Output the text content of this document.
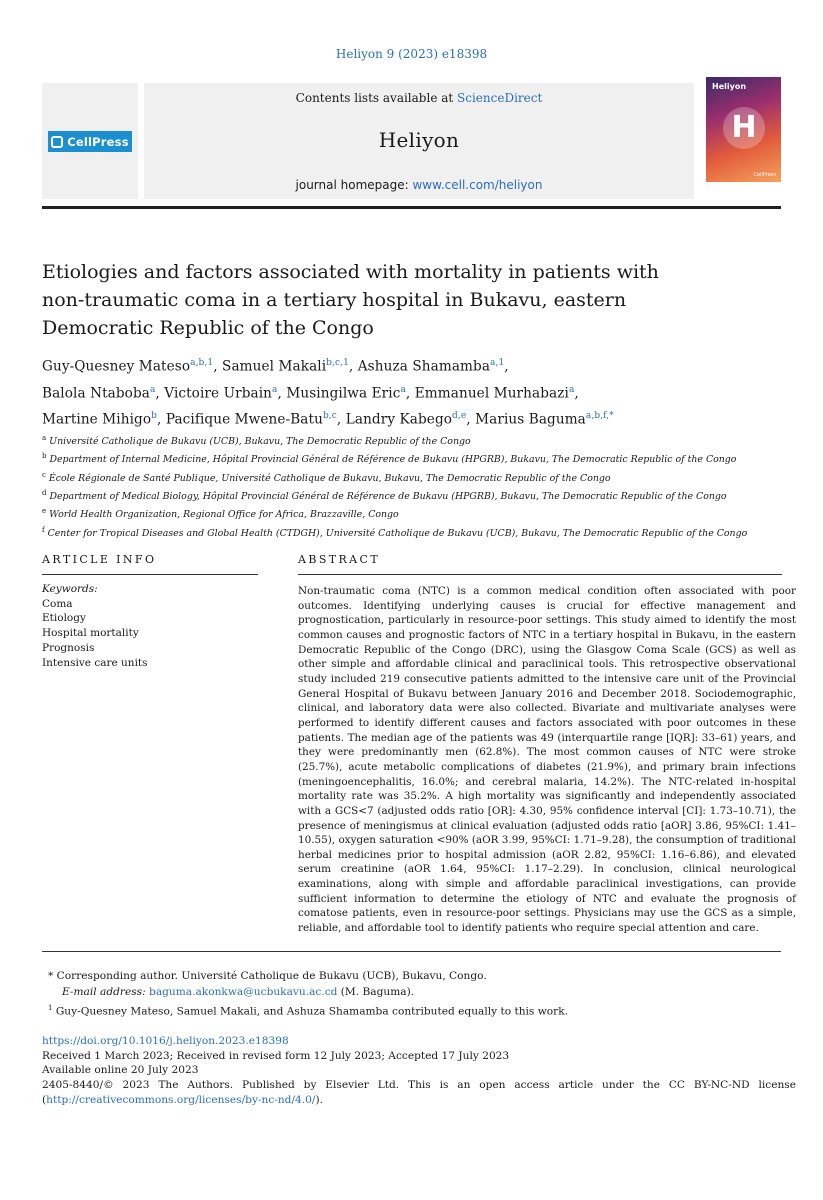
Heliyon 9 (2023) e18398
CellPress
Contents lists available at ScienceDirect
Heliyon
journal homepage: www.cell.com/heliyon
Heliyon
H
CellPress
Etiologies and factors associated with mortality in patients with
non-traumatic coma in a tertiary hospital in Bukavu, eastern
Democratic Republic of the Congo
Guy-Quesney Mateso$^{a,b,1}$, Samuel Makali$^{b,c,1}$, Ashuza Shamamba$^{a,1}$,
Balola Ntaboba$^a$, Victoire Urbain$^a$, Musingilwa Eric$^a$, Emmanuel Murhabazi$^a$,
Martine Mihigo$^b$, Pacifique Mwene-Batu$^{b,c}$, Landry Kabego$^{d,e}$, Marius Baguma$^{a,b,f,*}$
$^a$ Université Catholique de Bukavu (UCB), Bukavu, The Democratic Republic of the Congo
$^b$ Department of Internal Medicine, Hôpital Provincial Général de Référence de Bukavu (HPGRB), Bukavu, The Democratic Republic of the Congo
$^c$ École Régionale de Santé Publique, Université Catholique de Bukavu, Bukavu, The Democratic Republic of the Congo
$^d$ Department of Medical Biology, Hôpital Provincial Général de Référence de Bukavu (HPGRB), Bukavu, The Democratic Republic of the Congo
$^e$ World Health Organization, Regional Office for Africa, Brazzaville, Congo
$^f$ Center for Tropical Diseases and Global Health (CTDGH), Université Catholique de Bukavu (UCB), Bukavu, The Democratic Republic of the Congo
ARTICLE INFO	ABSTRACT
Keywords:
Coma
Etiology
Hospital mortality
Prognosis
Intensive care units
Non-traumatic coma (NTC) is a common medical condition often associated with poor outcomes. Identifying underlying causes is crucial for effective management and prognostication, particularly in resource-poor settings. This study aimed to identify the most common causes and prognostic factors of NTC in a tertiary hospital in Bukavu, in the eastern Democratic Republic of the Congo (DRC), using the Glasgow Coma Scale (GCS) as well as other simple and affordable clinical and paraclinical tools. This retrospective observational study included 219 consecutive patients admitted to the intensive care unit of the Provincial General Hospital of Bukavu between January 2016 and December 2018. Sociodemographic, clinical, and laboratory data were also collected. Bivariate and multivariate analyses were performed to identify different causes and factors associated with poor outcomes in these patients. The median age of the patients was 49 (interquartile range [IQR]: 33–61) years, and they were predominantly men (62.8%). The most common causes of NTC were stroke (25.7%), acute metabolic complications of diabetes (21.9%), and primary brain infections (meningoencephalitis, 16.0%; and cerebral malaria, 14.2%). The NTC-related in-hospital mortality rate was 35.2%. A high mortality was significantly and independently associated with a GCS<7 (adjusted odds ratio [OR]: 4.30, 95% confidence interval [CI]: 1.73–10.71), the presence of meningismus at clinical evaluation (adjusted odds ratio [aOR] 3.86, 95%CI: 1.41–10.55), oxygen saturation <90% (aOR 3.99, 95%CI: 1.71–9.28), the consumption of traditional herbal medicines prior to hospital admission (aOR 2.82, 95%CI: 1.16–6.86), and elevated serum creatinine (aOR 1.64, 95%CI: 1.17–2.29). In conclusion, clinical neurological examinations, along with simple and affordable paraclinical investigations, can provide sufficient information to determine the etiology of NTC and evaluate the prognosis of comatose patients, even in resource-poor settings. Physicians may use the GCS as a simple, reliable, and affordable tool to identify patients who require special attention and care.
* Corresponding author. Université Catholique de Bukavu (UCB), Bukavu, Congo.
E-mail address: baguma.akonkwa@ucbukavu.ac.cd (M. Baguma).
$^1$ Guy-Quesney Mateso, Samuel Makali, and Ashuza Shamamba contributed equally to this work.
https://doi.org/10.1016/j.heliyon.2023.e18398
Received 1 March 2023; Received in revised form 12 July 2023; Accepted 17 July 2023
Available online 20 July 2023
2405-8440/© 2023 The Authors. Published by Elsevier Ltd. This is an open access article under the CC BY-NC-ND license
(http://creativecommons.org/licenses/by-nc-nd/4.0/).
